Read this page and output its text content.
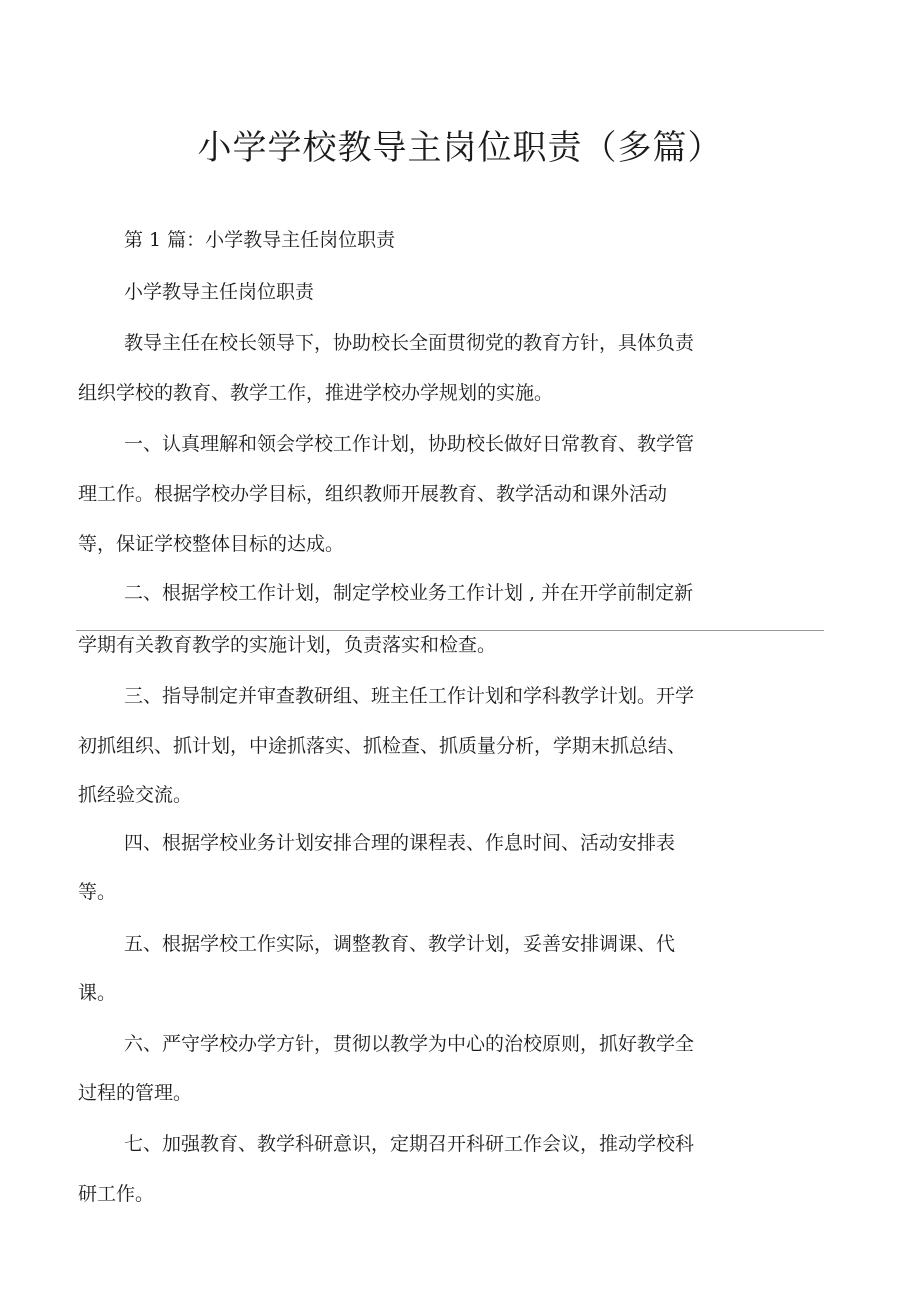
小学学校教导主岗位职责（多篇）
第 1 篇：小学教导主任岗位职责
小学教导主任岗位职责
教导主任在校长领导下，协助校长全面贯彻党的教育方针，具体负责
组织学校的教育、教学工作，推进学校办学规划的实施。
一、认真理解和领会学校工作计划，协助校长做好日常教育、教学管
理工作。根据学校办学目标，组织教师开展教育、教学活动和课外活动
等，保证学校整体目标的达成。
二、根据学校工作计划，制定学校业务工作计划 , 并在开学前制定新
学期有关教育教学的实施计划，负责落实和检查。
三、指导制定并审查教研组、班主任工作计划和学科教学计划。开学
初抓组织、抓计划，中途抓落实、抓检查、抓质量分析，学期末抓总结、
抓经验交流。
四、根据学校业务计划安排合理的课程表、作息时间、活动安排表
等。
五、根据学校工作实际，调整教育、教学计划，妥善安排调课、代
课。
六、严守学校办学方针，贯彻以教学为中心的治校原则，抓好教学全
过程的管理。
七、加强教育、教学科研意识，定期召开科研工作会议，推动学校科
研工作。
